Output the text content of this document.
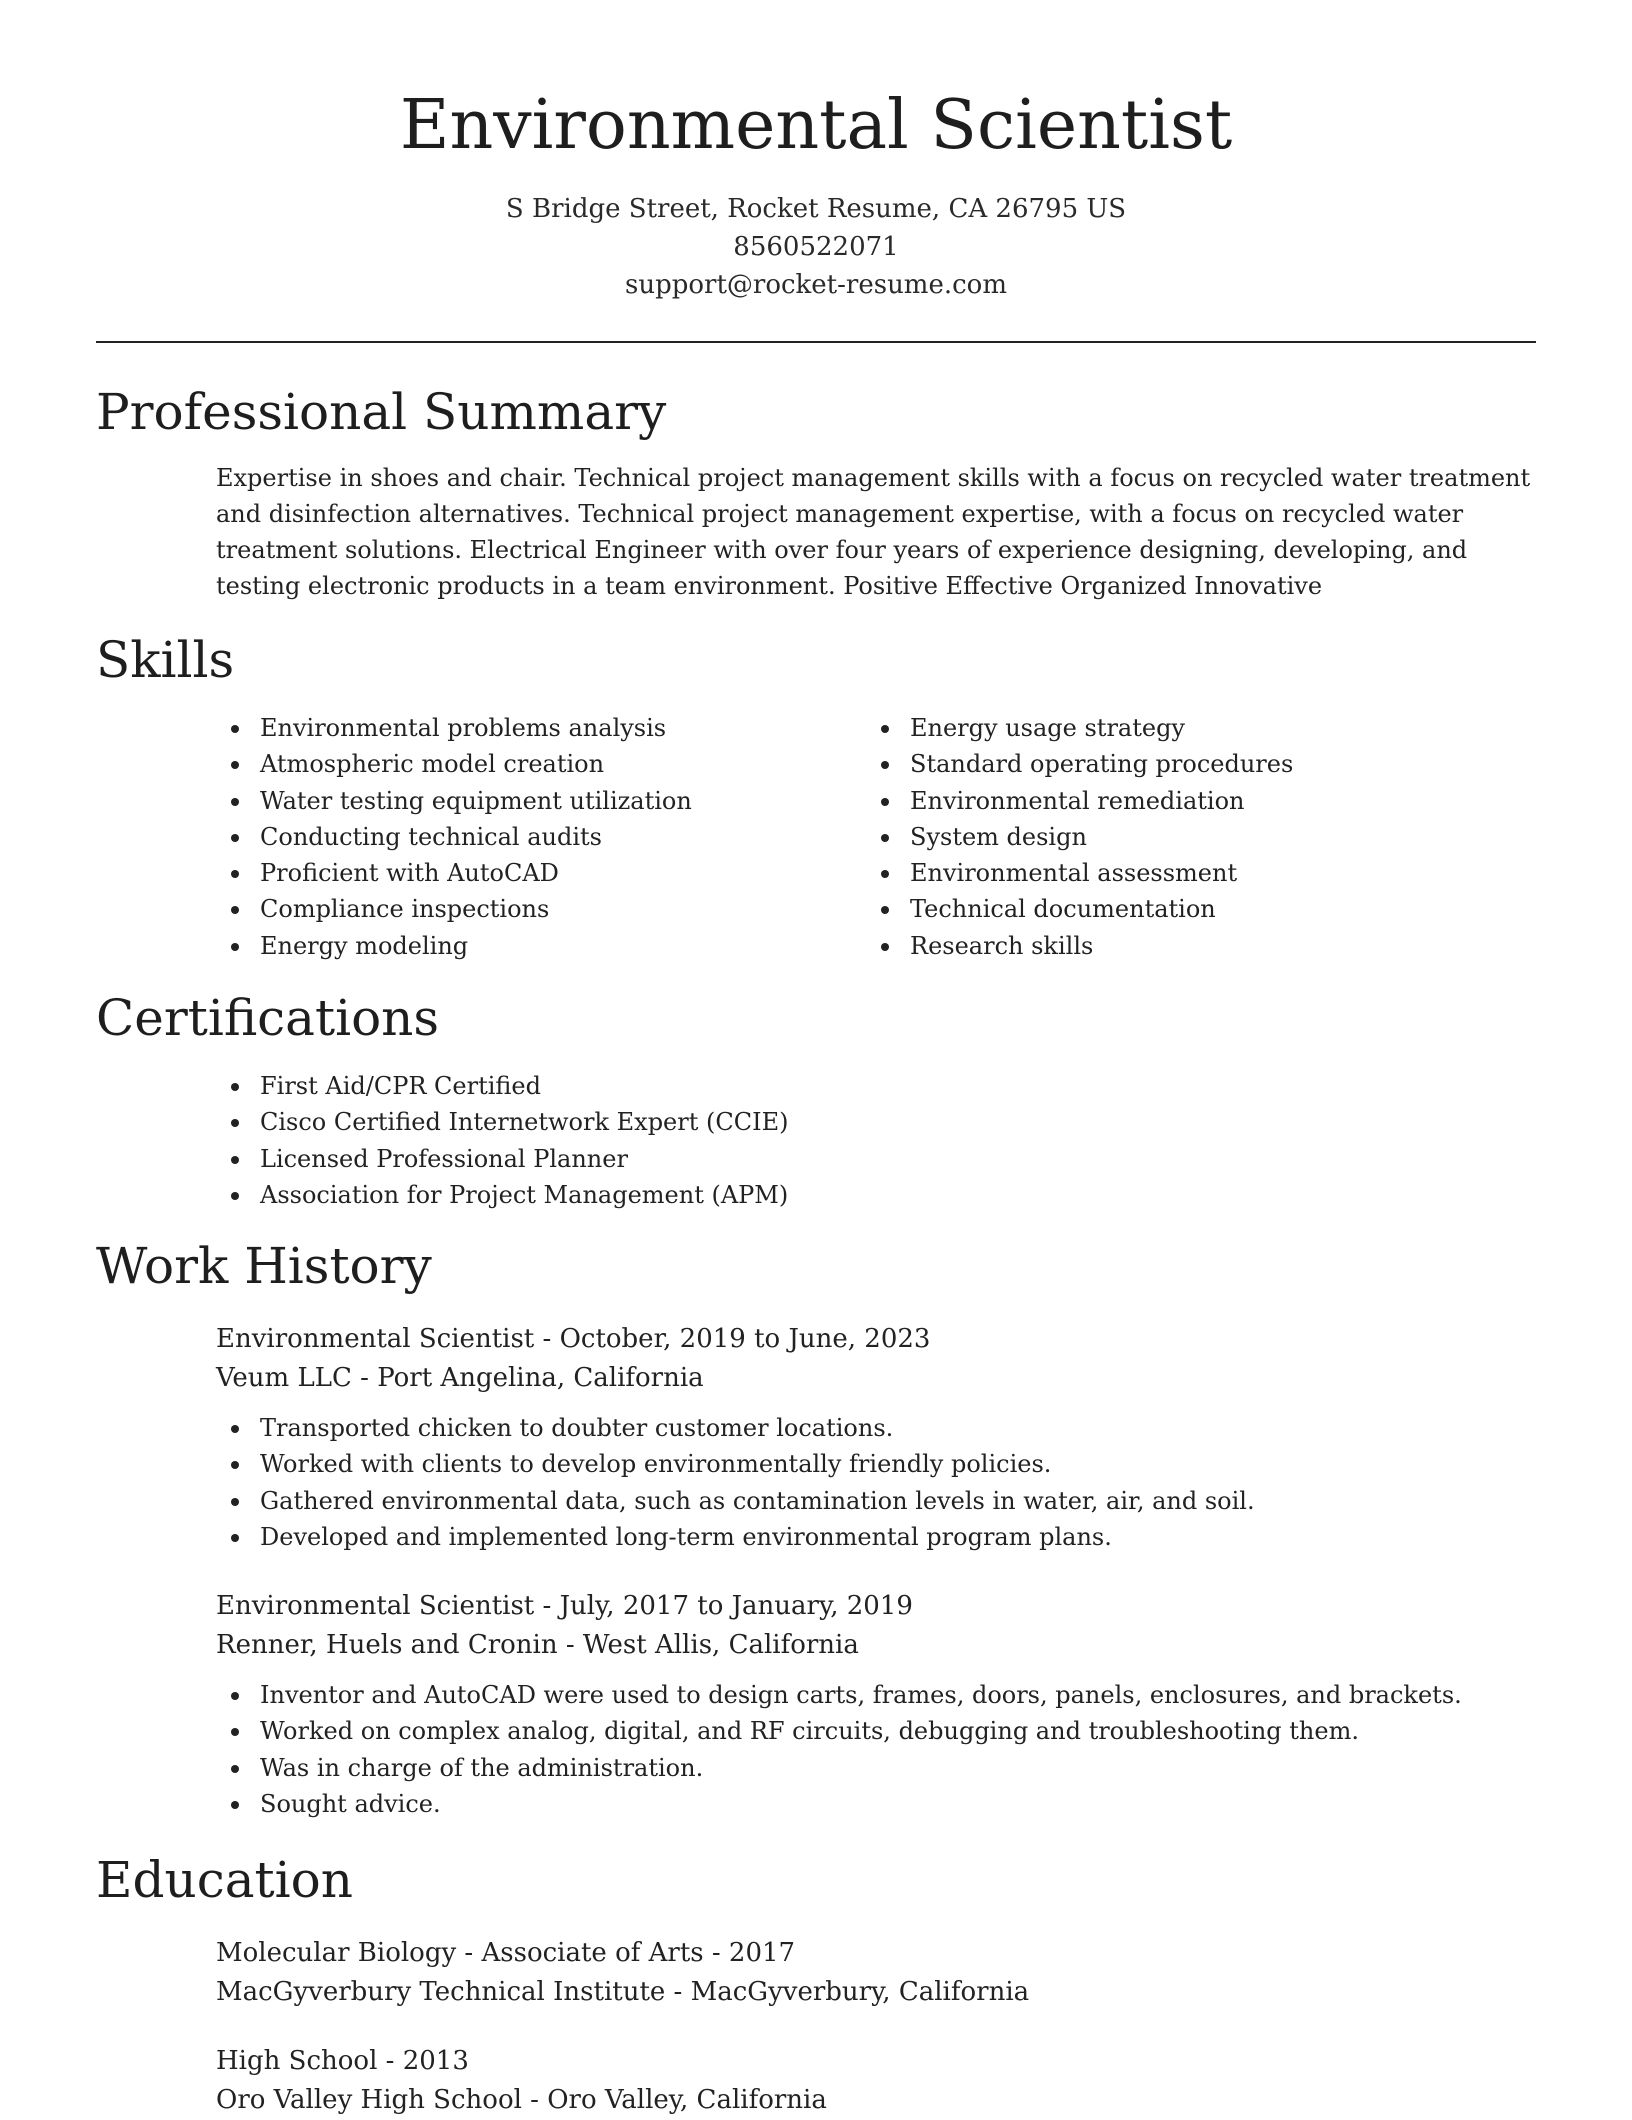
Environmental Scientist
S Bridge Street, Rocket Resume, CA 26795 US
8560522071
support@rocket-resume.com
Professional Summary
Expertise in shoes and chair. Technical project management skills with a focus on recycled water treatment and disinfection alternatives. Technical project management expertise, with a focus on recycled water treatment solutions. Electrical Engineer with over four years of experience designing, developing, and testing electronic products in a team environment. Positive Effective Organized Innovative
Skills
Environmental problems analysis
Atmospheric model creation
Water testing equipment utilization
Conducting technical audits
Proficient with AutoCAD
Compliance inspections
Energy modeling
Energy usage strategy
Standard operating procedures
Environmental remediation
System design
Environmental assessment
Technical documentation
Research skills
Certifications
First Aid/CPR Certified
Cisco Certified Internetwork Expert (CCIE)
Licensed Professional Planner
Association for Project Management (APM)
Work History
Environmental Scientist - October, 2019 to June, 2023
Veum LLC - Port Angelina, California
Transported chicken to doubter customer locations.
Worked with clients to develop environmentally friendly policies.
Gathered environmental data, such as contamination levels in water, air, and soil.
Developed and implemented long-term environmental program plans.
Environmental Scientist - July, 2017 to January, 2019
Renner, Huels and Cronin - West Allis, California
Inventor and AutoCAD were used to design carts, frames, doors, panels, enclosures, and brackets.
Worked on complex analog, digital, and RF circuits, debugging and troubleshooting them.
Was in charge of the administration.
Sought advice.
Education
Molecular Biology - Associate of Arts - 2017
MacGyverbury Technical Institute - MacGyverbury, California
High School - 2013
Oro Valley High School - Oro Valley, California
